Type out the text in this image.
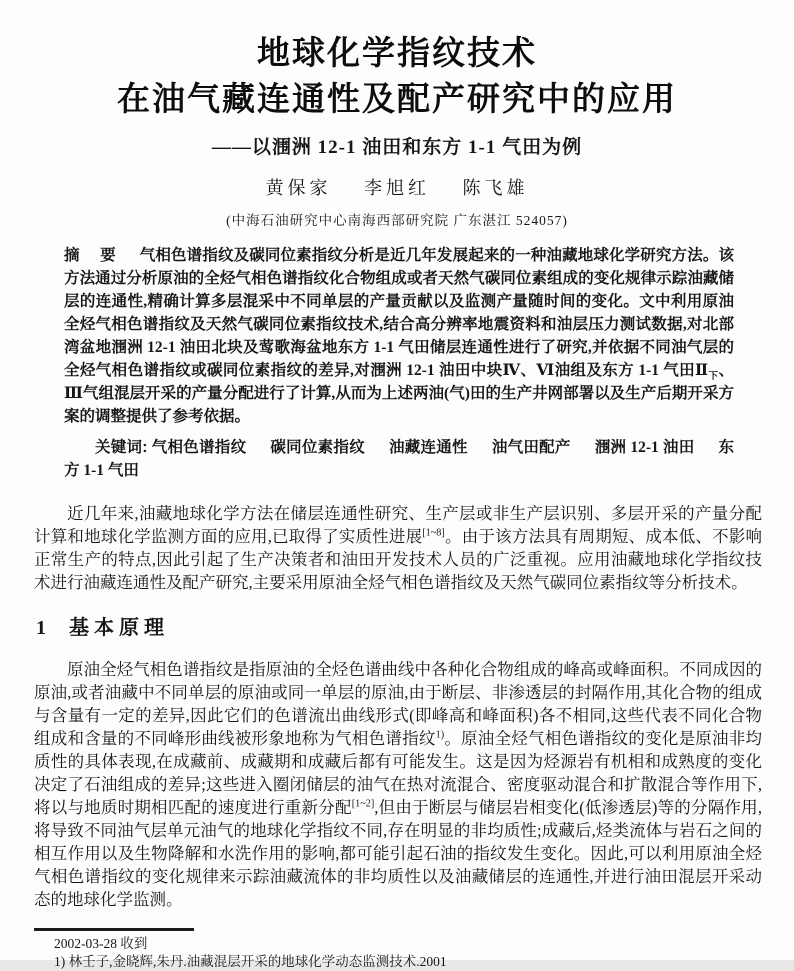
地球化学指纹技术
在油气藏连通性及配产研究中的应用
——以涠洲 12-1 油田和东方 1-1 气田为例
黄保家 李旭红 陈飞雄
(中海石油研究中心南海西部研究院 广东湛江 524057)

摘 要 气相色谱指纹及碳同位素指纹分析是近几年发展起来的一种油藏地球化学研究方法。该方法通过分析原油的全烃气相色谱指纹化合物组成或者天然气碳同位素组成的变化规律示踪油藏储层的连通性,精确计算多层混采中不同单层的产量贡献以及监测产量随时间的变化。文中利用原油全烃气相色谱指纹及天然气碳同位素指纹技术,结合高分辨率地震资料和油层压力测试数据,对北部湾盆地涠洲 12-1 油田北块及莺歌海盆地东方 1-1 气田储层连通性进行了研究,并依据不同油气层的全烃气相色谱指纹或碳同位素指纹的差异,对涠洲 12-1 油田中块Ⅳ、Ⅵ油组及东方 1-1 气田$Ⅱ_下$、Ⅲ气组混层开采的产量分配进行了计算,从而为上述两油(气)田的生产井网部署以及生产后期开采方案的调整提供了参考依据。

关键词: 气相色谱指纹 碳同位素指纹 油藏连通性 油气田配产 涠洲 12-1 油田 东方 1-1 气田

近几年来,油藏地球化学方法在储层连通性研究、生产层或非生产层识别、多层开采的产量分配计算和地球化学监测方面的应用,已取得了实质性进展[1~8]。由于该方法具有周期短、成本低、不影响正常生产的特点,因此引起了生产决策者和油田开发技术人员的广泛重视。应用油藏地球化学指纹技术进行油藏连通性及配产研究,主要采用原油全烃气相色谱指纹及天然气碳同位素指纹等分析技术。

1 基本原理

原油全烃气相色谱指纹是指原油的全烃色谱曲线中各种化合物组成的峰高或峰面积。不同成因的原油,或者油藏中不同单层的原油或同一单层的原油,由于断层、非渗透层的封隔作用,其化合物的组成与含量有一定的差异,因此它们的色谱流出曲线形式(即峰高和峰面积)各不相同,这些代表不同化合物组成和含量的不同峰形曲线被形象地称为气相色谱指纹$^{1)}$。原油全烃气相色谱指纹的变化是原油非均质性的具体表现,在成藏前、成藏期和成藏后都有可能发生。这是因为烃源岩有机相和成熟度的变化决定了石油组成的差异;这些进入圈闭储层的油气在热对流混合、密度驱动混合和扩散混合等作用下,将以与地质时期相匹配的速度进行重新分配[1~2],但由于断层与储层岩相变化(低渗透层)等的分隔作用,将导致不同油气层单元油气的地球化学指纹不同,存在明显的非均质性;成藏后,烃类流体与岩石之间的相互作用以及生物降解和水洗作用的影响,都可能引起石油的指纹发生变化。因此,可以利用原油全烃气相色谱指纹的变化规律来示踪油藏流体的非均质性以及油藏储层的连通性,并进行油田混层开采动态的地球化学监测。

2002-03-28 收到
1) 林壬子,金晓辉,朱丹.油藏混层开采的地球化学动态监测技术.2001
